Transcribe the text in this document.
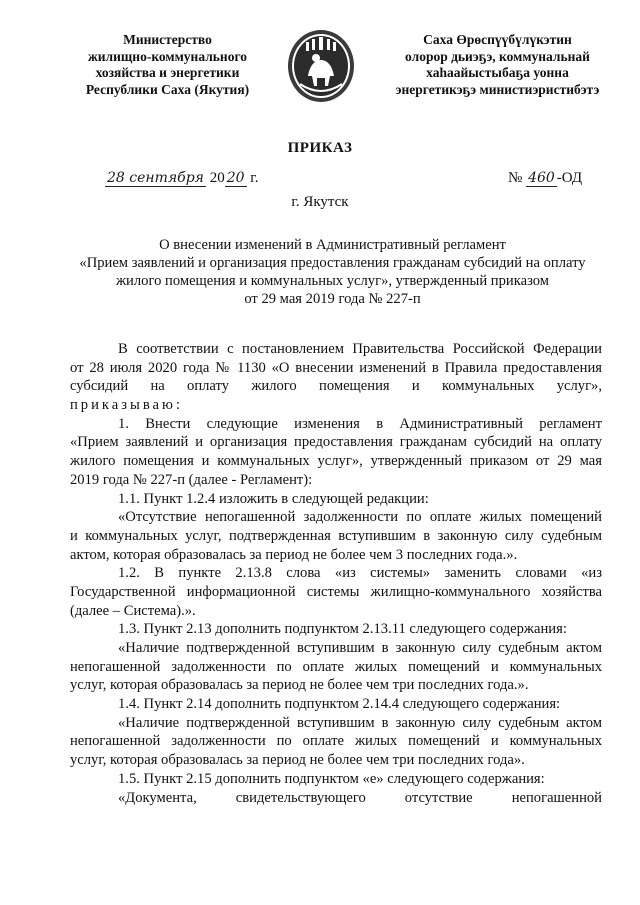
Министерство
жилищно-коммунального
хозяйства и энергетики
Республики Саха (Якутия)
Саха Өрөспүүбүлүкэтин
олорор дьиэҕэ, коммунальнай
хаһаайыстыбаҕа уонна
энергетикэҕэ министиэристибэтэ
ПРИКАЗ
28 сентября 20 20 г.	№ 460 -ОД
г. Якутск
О внесении изменений в Административный регламент
«Прием заявлений и организация предоставления гражданам субсидий на оплату
жилого помещения и коммунальных услуг», утвержденный приказом
от 29 мая 2019 года № 227-п
В соответствии с постановлением Правительства Российской Федерации
от 28 июля 2020 года № 1130 «О внесении изменений в Правила предоставления
субсидий на оплату жилого помещения и коммунальных услуг»,
приказываю:
1. Внести следующие изменения в Административный регламент
«Прием заявлений и организация предоставления гражданам субсидий на оплату
жилого помещения и коммунальных услуг», утвержденный приказом от 29 мая
2019 года № 227-п (далее - Регламент):
1.1. Пункт 1.2.4 изложить в следующей редакции:
«Отсутствие непогашенной задолженности по оплате жилых помещений
и коммунальных услуг, подтвержденная вступившим в законную силу судебным
актом, которая образовалась за период не более чем 3 последних года.».
1.2. В пункте 2.13.8 слова «из системы» заменить словами «из
Государственной информационной системы жилищно-коммунального хозяйства
(далее – Система).».
1.3. Пункт 2.13 дополнить подпунктом 2.13.11 следующего содержания:
«Наличие подтвержденной вступившим в законную силу судебным актом
непогашенной задолженности по оплате жилых помещений и коммунальных
услуг, которая образовалась за период не более чем три последних года.».
1.4. Пункт 2.14 дополнить подпунктом 2.14.4 следующего содержания:
«Наличие подтвержденной вступившим в законную силу судебным актом
непогашенной задолженности по оплате жилых помещений и коммунальных
услуг, которая образовалась за период не более чем три последних года».
1.5. Пункт 2.15 дополнить подпунктом «е» следующего содержания:
«Документа, свидетельствующего отсутствие непогашенной
